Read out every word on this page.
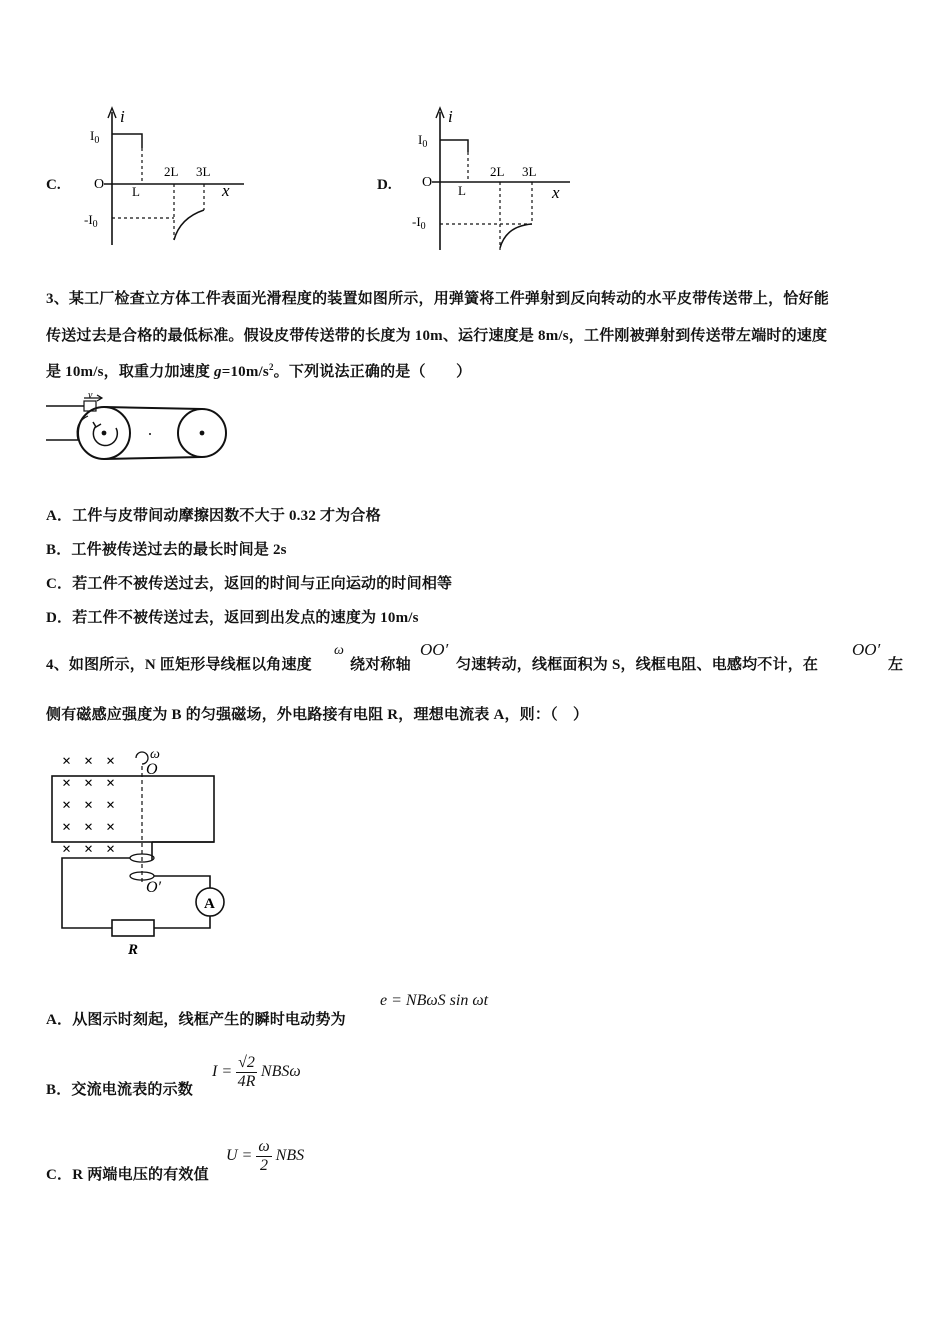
C.
i
x
O
$I_0$
$-I_0$
L
2L 3L
D.
i
x
O
$I_0$
$-I_0$
L
2L 3L
3、某工厂检查立方体工件表面光滑程度的装置如图所示，用弹簧将工件弹射到反向转动的水平皮带传送带上，恰好能
传送过去是合格的最低标准。假设皮带传送带的长度为 10m、运行速度是 8m/s，工件刚被弹射到传送带左端时的速度
是 10m/s，取重力加速度 $g=10m/s^2$。下列说法正确的是（　　）
v
A．工件与皮带间动摩擦因数不大于 0.32 才为合格
B．工件被传送过去的最长时间是 2s
C．若工件不被传送过去，返回的时间与正向运动的时间相等
D．若工件不被传送过去，返回到出发点的速度为 10m/s
4、如图所示，N 匝矩形导线框以角速度
ω
绕对称轴
OO′
匀速转动，线框面积为 S，线框电阻、电感均不计，在
OO′
左
侧有磁感应强度为 B 的匀强磁场，外电路接有电阻 R，理想电流表 A，则：（　）
× × ×
× × ×
× × ×
× × ×
× × ×
ω
O
O′
A
R
A．从图示时刻起，线框产生的瞬时电动势为
e = NBωS sin ωt
B．交流电流表的示数
$I = \frac{√2}{4R}$ NBSω
C．R 两端电压的有效值
$U = \frac{\omega}{2}$ NBS
